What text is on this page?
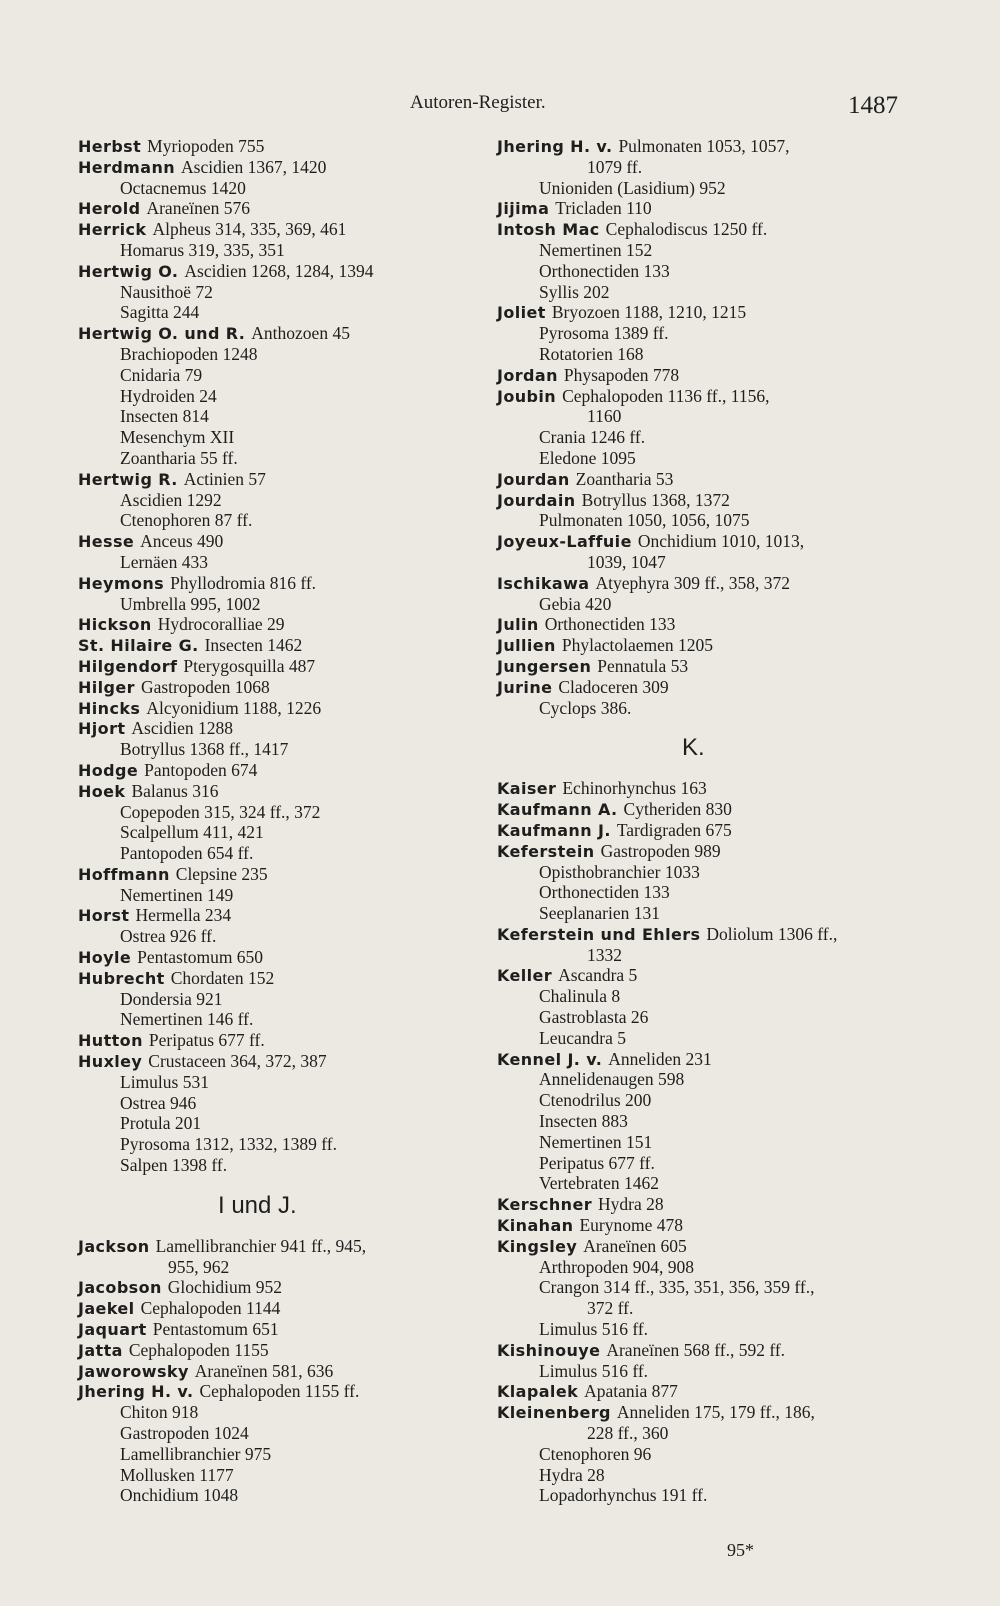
Autoren-Register.	1487
Herbst Myriopoden 755
Herdmann Ascidien 1367, 1420
Octacnemus 1420
Herold Araneïnen 576
Herrick Alpheus 314, 335, 369, 461
Homarus 319, 335, 351
Hertwig O. Ascidien 1268, 1284, 1394
Nausithoë 72
Sagitta 244
Hertwig O. und R. Anthozoen 45
Brachiopoden 1248
Cnidaria 79
Hydroiden 24
Insecten 814
Mesenchym XII
Zoantharia 55 ff.
Hertwig R. Actinien 57
Ascidien 1292
Ctenophoren 87 ff.
Hesse Anceus 490
Lernäen 433
Heymons Phyllodromia 816 ff.
Umbrella 995, 1002
Hickson Hydrocoralliae 29
St. Hilaire G. Insecten 1462
Hilgendorf Pterygosquilla 487
Hilger Gastropoden 1068
Hincks Alcyonidium 1188, 1226
Hjort Ascidien 1288
Botryllus 1368 ff., 1417
Hodge Pantopoden 674
Hoek Balanus 316
Copepoden 315, 324 ff., 372
Scalpellum 411, 421
Pantopoden 654 ff.
Hoffmann Clepsine 235
Nemertinen 149
Horst Hermella 234
Ostrea 926 ff.
Hoyle Pentastomum 650
Hubrecht Chordaten 152
Dondersia 921
Nemertinen 146 ff.
Hutton Peripatus 677 ff.
Huxley Crustaceen 364, 372, 387
Limulus 531
Ostrea 946
Protula 201
Pyrosoma 1312, 1332, 1389 ff.
Salpen 1398 ff.
I und J.
Jackson Lamellibranchier 941 ff., 945,
955, 962
Jacobson Glochidium 952
Jaekel Cephalopoden 1144
Jaquart Pentastomum 651
Jatta Cephalopoden 1155
Jaworowsky Araneïnen 581, 636
Jhering H. v. Cephalopoden 1155 ff.
Chiton 918
Gastropoden 1024
Lamellibranchier 975
Mollusken 1177
Onchidium 1048
Jhering H. v. Pulmonaten 1053, 1057,
1079 ff.
Unioniden (Lasidium) 952
Jijima Tricladen 110
Intosh Mac Cephalodiscus 1250 ff.
Nemertinen 152
Orthonectiden 133
Syllis 202
Joliet Bryozoen 1188, 1210, 1215
Pyrosoma 1389 ff.
Rotatorien 168
Jordan Physapoden 778
Joubin Cephalopoden 1136 ff., 1156,
1160
Crania 1246 ff.
Eledone 1095
Jourdan Zoantharia 53
Jourdain Botryllus 1368, 1372
Pulmonaten 1050, 1056, 1075
Joyeux-Laffuie Onchidium 1010, 1013,
1039, 1047
Ischikawa Atyephyra 309 ff., 358, 372
Gebia 420
Julin Orthonectiden 133
Jullien Phylactolaemen 1205
Jungersen Pennatula 53
Jurine Cladoceren 309
Cyclops 386.
K.
Kaiser Echinorhynchus 163
Kaufmann A. Cytheriden 830
Kaufmann J. Tardigraden 675
Keferstein Gastropoden 989
Opisthobranchier 1033
Orthonectiden 133
Seeplanarien 131
Keferstein und Ehlers Doliolum 1306 ff.,
1332
Keller Ascandra 5
Chalinula 8
Gastroblasta 26
Leucandra 5
Kennel J. v. Anneliden 231
Annelidenaugen 598
Ctenodrilus 200
Insecten 883
Nemertinen 151
Peripatus 677 ff.
Vertebraten 1462
Kerschner Hydra 28
Kinahan Eurynome 478
Kingsley Araneïnen 605
Arthropoden 904, 908
Crangon 314 ff., 335, 351, 356, 359 ff.,
372 ff.
Limulus 516 ff.
Kishinouye Araneïnen 568 ff., 592 ff.
Limulus 516 ff.
Klapalek Apatania 877
Kleinenberg Anneliden 175, 179 ff., 186,
228 ff., 360
Ctenophoren 96
Hydra 28
Lopadorhynchus 191 ff.
95*
